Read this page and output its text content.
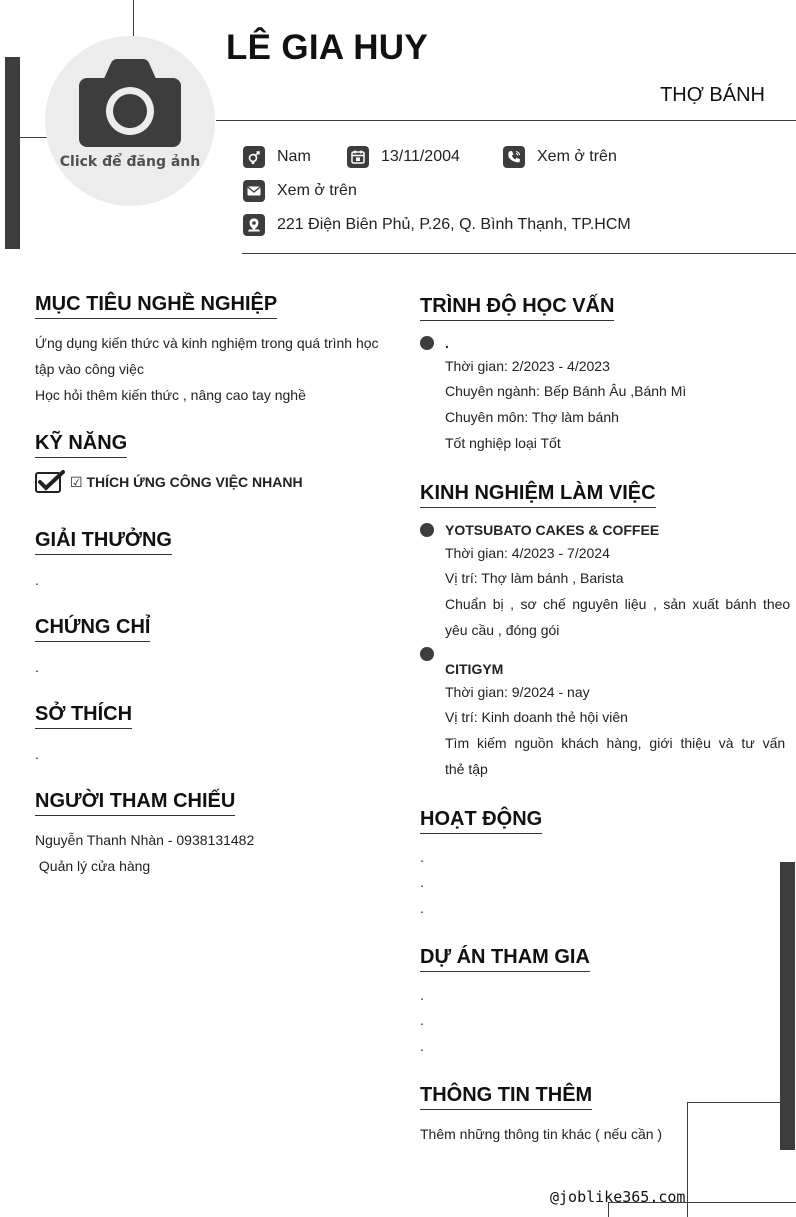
Click để đăng ảnh
LÊ GIA HUY
THỢ BÁNH
Nam	13/11/2004	Xem ở trên
Xem ở trên
221 Điện Biên Phủ, P.26, Q. Bình Thạnh, TP.HCM
MỤC TIÊU NGHỀ NGHIỆP
Ứng dụng kiến thức và kinh nghiệm trong quá trình học
tập vào công việc
Học hỏi thêm kiến thức , nâng cao tay nghề
KỸ NĂNG
☑ THÍCH ỨNG CÔNG VIỆC NHANH
GIẢI THƯỞNG
.
CHỨNG CHỈ
.
SỞ THÍCH
.
NGƯỜI THAM CHIẾU
Nguyễn Thanh Nhàn - 0938131482
Quản lý cửa hàng
TRÌNH ĐỘ HỌC VẤN
.
Thời gian: 2/2023 - 4/2023
Chuyên ngành: Bếp Bánh Âu ,Bánh Mì
Chuyên môn: Thợ làm bánh
Tốt nghiệp loại Tốt
KINH NGHIỆM LÀM VIỆC
YOTSUBATO CAKES & COFFEE
Thời gian: 4/2023 - 7/2024
Vị trí: Thợ làm bánh , Barista
Chuẩn bị , sơ chế nguyên liệu , sản xuất bánh theo
yêu cầu , đóng gói
CITIGYM
Thời gian: 9/2024 - nay
Vị trí: Kinh doanh thẻ hội viên
Tìm kiếm nguồn khách hàng, giới thiệu và tư vấn
thẻ tập
HOẠT ĐỘNG
.
.
.
DỰ ÁN THAM GIA
.
.
.
THÔNG TIN THÊM
Thêm những thông tin khác ( nếu cần )
@joblike365.com
